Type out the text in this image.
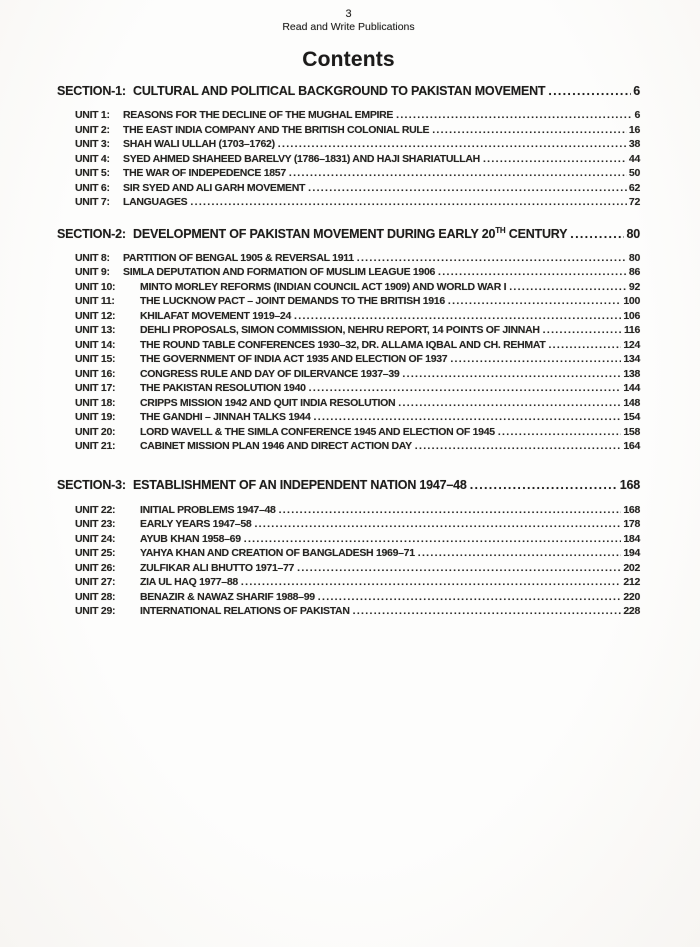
3
Read and Write Publications
Contents
SECTION-1: CULTURAL AND POLITICAL BACKGROUND TO PAKISTAN MOVEMENT .....	6
UNIT 1:	REASONS FOR THE DECLINE OF THE MUGHAL EMPIRE .....	6
UNIT 2:	THE EAST INDIA COMPANY AND THE BRITISH COLONIAL RULE .....	16
UNIT 3:	SHAH WALI ULLAH (1703–1762) .....	38
UNIT 4:	SYED AHMED SHAHEED BARELVY (1786–1831) AND HAJI SHARIATULLAH .....	44
UNIT 5:	THE WAR OF INDEPEDENCE 1857 .....	50
UNIT 6:	SIR SYED AND ALI GARH MOVEMENT .....	62
UNIT 7:	LANGUAGES .....	72
SECTION-2: DEVELOPMENT OF PAKISTAN MOVEMENT DURING EARLY 20TH CENTURY .....	80
UNIT 8:	PARTITION OF BENGAL 1905 & REVERSAL 1911 .....	80
UNIT 9:	SIMLA DEPUTATION AND FORMATION OF MUSLIM LEAGUE 1906 .....	86
UNIT 10:	MINTO MORLEY REFORMS (INDIAN COUNCIL ACT 1909) AND WORLD WAR I .....	92
UNIT 11:	THE LUCKNOW PACT – JOINT DEMANDS TO THE BRITISH 1916 .....	100
UNIT 12:	KHILAFAT MOVEMENT 1919–24 .....	106
UNIT 13:	DEHLI PROPOSALS, SIMON COMMISSION, NEHRU REPORT, 14 POINTS OF JINNAH .....	116
UNIT 14:	THE ROUND TABLE CONFERENCES 1930–32, DR. ALLAMA IQBAL AND CH. REHMAT .....	124
UNIT 15:	THE GOVERNMENT OF INDIA ACT 1935 AND ELECTION OF 1937 .....	134
UNIT 16:	CONGRESS RULE AND DAY OF DILERVANCE 1937–39 .....	138
UNIT 17:	THE PAKISTAN RESOLUTION 1940 .....	144
UNIT 18:	CRIPPS MISSION 1942 AND QUIT INDIA RESOLUTION .....	148
UNIT 19:	THE GANDHI – JINNAH TALKS 1944 .....	154
UNIT 20:	LORD WAVELL & THE SIMLA CONFERENCE 1945 AND ELECTION OF 1945 .....	158
UNIT 21:	CABINET MISSION PLAN 1946 AND DIRECT ACTION DAY .....	164
SECTION-3: ESTABLISHMENT OF AN INDEPENDENT NATION 1947–48 .....	168
UNIT 22:	INITIAL PROBLEMS 1947–48 .....	168
UNIT 23:	EARLY YEARS 1947–58 .....	178
UNIT 24:	AYUB KHAN 1958–69 .....	184
UNIT 25:	YAHYA KHAN AND CREATION OF BANGLADESH 1969–71 .....	194
UNIT 26:	ZULFIKAR ALI BHUTTO 1971–77 .....	202
UNIT 27:	ZIA UL HAQ 1977–88 .....	212
UNIT 28:	BENAZIR & NAWAZ SHARIF 1988–99 .....	220
UNIT 29:	INTERNATIONAL RELATIONS OF PAKISTAN .....	228
